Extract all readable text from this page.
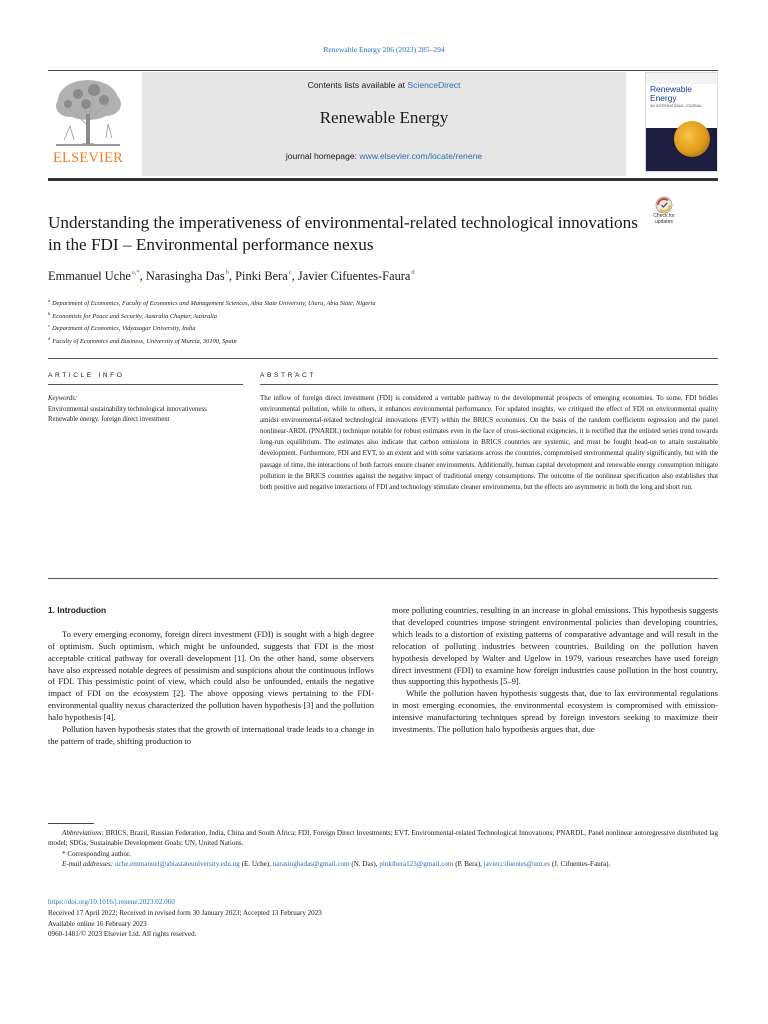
Renewable Energy 206 (2023) 285–294
ELSEVIER
Contents lists available at ScienceDirect
Renewable Energy
journal homepage: www.elsevier.com/locate/renene
Renewable Energy
AN INTERNATIONAL JOURNAL
Check for updates
Understanding the imperativeness of environmental-related technological innovations in the FDI – Environmental performance nexus
Emmanuel Uche$^{a,*}$, Narasingha Das$^b$, Pinki Bera$^c$, Javier Cifuentes-Faura$^d$
$^a$ Department of Economics, Faculty of Economics and Management Sciences, Abia State University, Uturu, Abia State, Nigeria
$^b$ Economists for Peace and Security, Australia Chapter, Australia
$^c$ Department of Economics, Vidyasagar University, India
$^d$ Faculty of Economics and Business, University of Murcia, 30100, Spain
ARTICLE INFO	ABSTRACT
Keywords:
Environmental sustainability technological innovativeness
Renewable energy. foreign direct investment
The inflow of foreign direct investment (FDI) is considered a veritable pathway to the developmental prospects of emerging economies. To some, FDI bridles environmental pollution, while to others, it enhances environmental performance. For updated insights, we critiqued the effect of FDI on environmental quality amidst environmental-related technological innovations (EVT) within the BRICS economies. On the basis of the random coefficients regression and the panel nonlinear-ARDL (PNARDL) technique notable for robust estimates even in the face of cross-sectional exigencies, it is rectified that the enlisted series trend towards long-run equilibrium. The estimates also indicate that carbon emissions in BRICS countries are systemic, and must be fought head-on to attain sustainable development. Furthermore, FDI and EVT, to an extent and with some variations across the countries, compromised environmental quality significantly, but with the passage of time, the interactions of both factors ensure cleaner environments. Additionally, human capital development and renewable energy consumption mitigate pollution in the BRICS countries against the negative impact of traditional energy consumptions. The outcome of the nonlinear specification also establishes that both positive and negative interactions of FDI and technology stimulate cleaner environments, but the effects are asymmetric in both the long and short run.

1. Introduction

To every emerging economy, foreign direct investment (FDI) is sought with a high degree of optimism. Such optimism, which might be unfounded, suggests that FDI is the most acceptable critical pathway for overall development [1]. On the other hand, some observers have also expressed notable degrees of pessimism and suspicions about the continuous inflows of FDI. This pessimistic point of view, which could also be unfounded, entails the negative impact of FDI on the ecosystem [2]. The above opposing views pertaining to the FDI-environmental quality nexus characterized the pollution haven hypothesis [3] and the pollution halo hypothesis [4].

Pollution haven hypothesis states that the growth of international trade leads to a change in the pattern of trade, shifting production to

more polluting countries, resulting in an increase in global emissions. This hypothesis suggests that developed countries impose stringent environmental policies than developing countries, which leads to a distortion of existing patterns of comparative advantage and will result in the relocation of polluting industries between countries. Building on the pollution haven hypothesis developed by Walter and Ugelow in 1979, various researches have used foreign direct investment (FDI) to examine how foreign industries cause pollution in the host country, thus supporting this hypothesis [5–9].

While the pollution haven hypothesis suggests that, due to lax environmental regulations in most emerging economies, the environmental ecosystem is compromised with emission-intensive manufacturing techniques spread by foreign investors seeking to maximize their investments. The pollution halo hypothesis argues that, due

Abbreviations: BRICS, Brazil, Russian Federation, India, China and South Africa; FDI, Foreign Direct Investments; EVT, Environmental-related Technological Innovations; PNARDL, Panel nonlinear autoregressive distributed lag model; SDGs, Sustainable Development Goals; UN, United Nations.

* Corresponding author.

E-mail addresses: uche.emmanuel@abiastateuniversity.edu.ng (E. Uche), narasinghadas@gmail.com (N. Das), pinkibera123@gmail.com (P. Bera), javier.cifuentes@um.es (J. Cifuentes-Faura).

https://doi.org/10.1016/j.renene.2023.02.060

Received 17 April 2022; Received in revised form 30 January 2023; Accepted 13 February 2023

Available online 16 February 2023

0960-1481/© 2023 Elsevier Ltd. All rights reserved.
